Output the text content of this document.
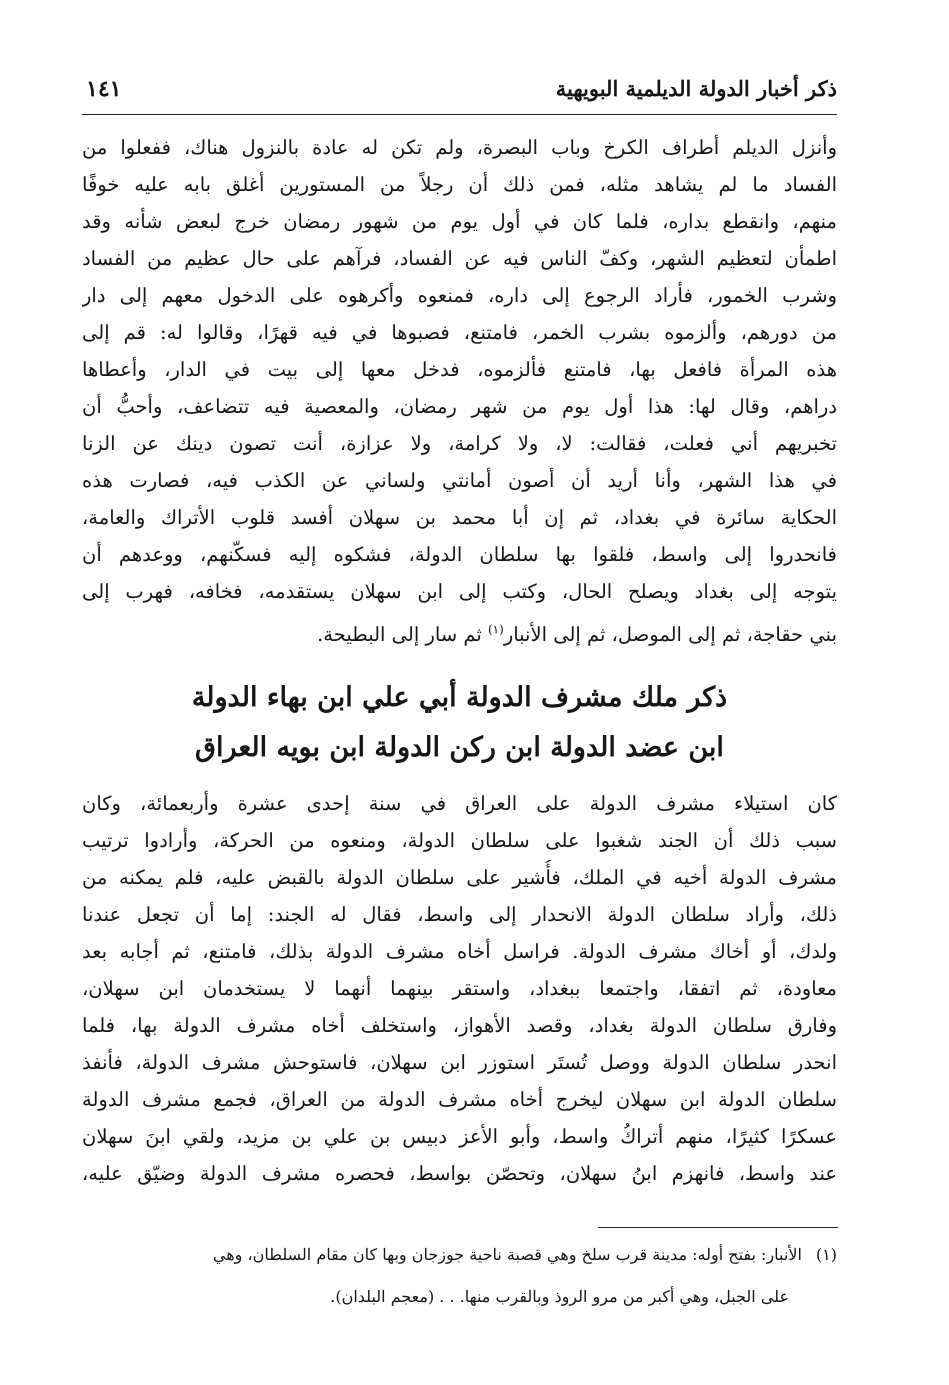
ذكر أخبار الدولة الديلمية البويهية
١٤١
وأنزل الديلم أطراف الكرخ وباب البصرة، ولم تكن له عادة بالنزول هناك، ففعلوا من
الفساد ما لم يشاهد مثله، فمن ذلك أن رجلاً من المستورين أغلق بابه عليه خوفًا
منهم، وانقطع بداره، فلما كان في أول يوم من شهور رمضان خرج لبعض شأنه وقد
اطمأن لتعظيم الشهر، وكفّ الناس فيه عن الفساد، فرآهم على حال عظيم من الفساد
وشرب الخمور، فأراد الرجوع إلى داره، فمنعوه وأكرهوه على الدخول معهم إلى دار
من دورهم، وألزموه بشرب الخمر، فامتنع، فصبوها في فيه قهرًا، وقالوا له: قم إلى
هذه المرأة فافعل بها، فامتنع فألزموه، فدخل معها إلى بيت في الدار، وأعطاها
دراهم، وقال لها: هذا أول يوم من شهر رمضان، والمعصية فيه تتضاعف، وأحبُّ أن
تخبريهم أني فعلت، فقالت: لا، ولا كرامة، ولا عزازة، أنت تصون دينك عن الزنا
في هذا الشهر، وأنا أريد أن أصون أمانتي ولساني عن الكذب فيه، فصارت هذه
الحكاية سائرة في بغداد، ثم إن أبا محمد بن سهلان أفسد قلوب الأتراك والعامة،
فانحدروا إلى واسط، فلقوا بها سلطان الدولة، فشكوه إليه فسكّنهم، ووعدهم أن
يتوجه إلى بغداد ويصلح الحال، وكتب إلى ابن سهلان يستقدمه، فخافه، فهرب إلى
بني حقاجة، ثم إلى الموصل، ثم إلى الأنبار$^{(١)}$ ثم سار إلى البطيحة.
ذكر ملك مشرف الدولة أبي علي ابن بهاء الدولة
ابن عضد الدولة ابن ركن الدولة ابن بويه العراق
كان استيلاء مشرف الدولة على العراق في سنة إحدى عشرة وأربعمائة، وكان
سبب ذلك أن الجند شغبوا على سلطان الدولة، ومنعوه من الحركة، وأرادوا ترتيب
مشرف الدولة أخيه في الملك، فأُشير على سلطان الدولة بالقبض عليه، فلم يمكنه من
ذلك، وأراد سلطان الدولة الانحدار إلى واسط، فقال له الجند: إما أن تجعل عندنا
ولدك، أو أخاك مشرف الدولة. فراسل أخاه مشرف الدولة بذلك، فامتنع، ثم أجابه بعد
معاودة، ثم اتفقا، واجتمعا ببغداد، واستقر بينهما أنهما لا يستخدمان ابن سهلان،
وفارق سلطان الدولة بغداد، وقصد الأهواز، واستخلف أخاه مشرف الدولة بها، فلما
انحدر سلطان الدولة ووصل تُستَر استوزر ابن سهلان، فاستوحش مشرف الدولة، فأنفذ
سلطان الدولة ابن سهلان ليخرج أخاه مشرف الدولة من العراق، فجمع مشرف الدولة
عسكرًا كثيرًا، منهم أتراكُ واسط، وأبو الأعز دبيس بن علي بن مزيد، ولقي ابنَ سهلان
عند واسط، فانهزم ابنُ سهلان، وتحصّن بواسط، فحصره مشرف الدولة وضيّق عليه،
(١)الأنبار: بفتح أوله: مدينة قرب سلخ وهي قصبة ناحية جوزجان وبها كان مقام السلطان، وهي
على الجبل، وهي أكبر من مرو الروذ وبالقرب منها. . . (معجم البلدان).
